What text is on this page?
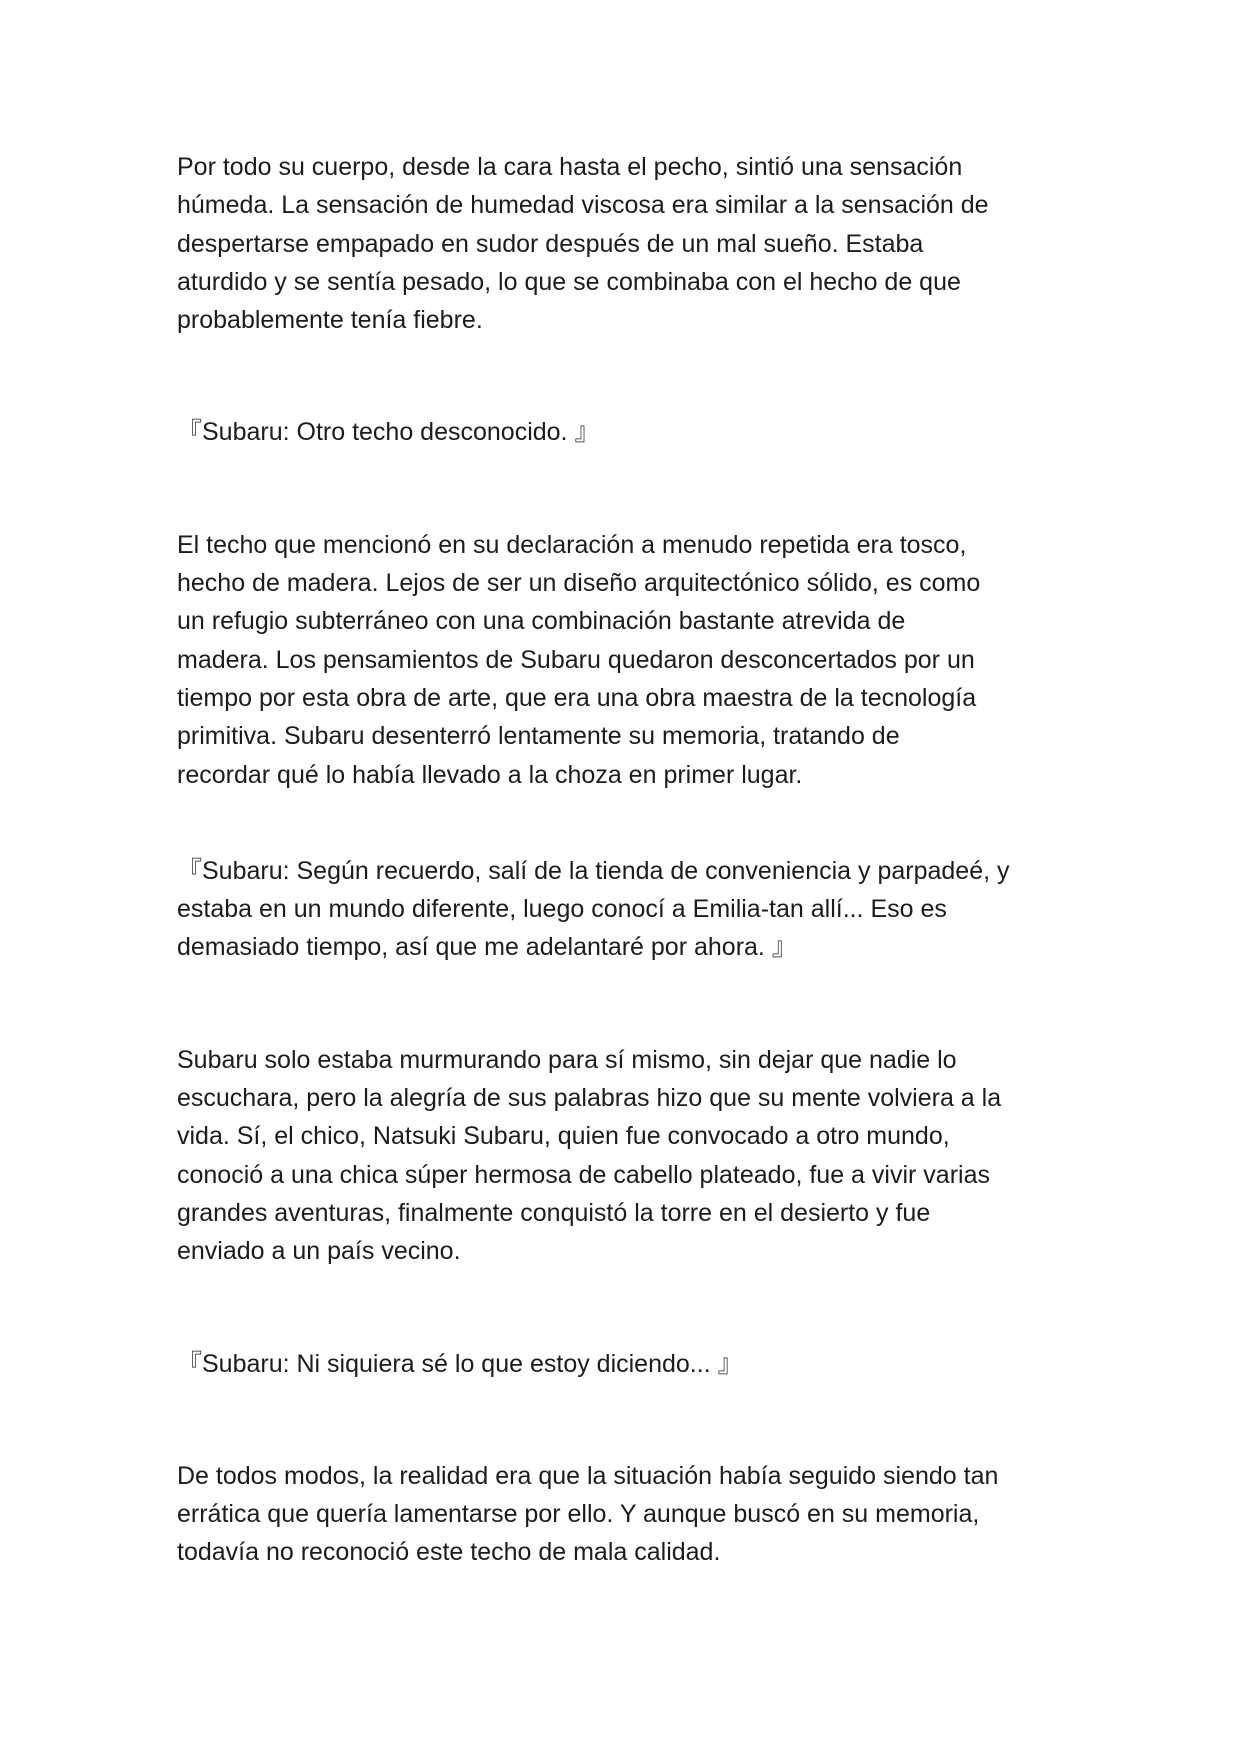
Por todo su cuerpo, desde la cara hasta el pecho, sintió una sensación
húmeda. La sensación de humedad viscosa era similar a la sensación de
despertarse empapado en sudor después de un mal sueño. Estaba
aturdido y se sentía pesado, lo que se combinaba con el hecho de que
probablemente tenía fiebre.

『Subaru: Otro techo desconocido. 』

El techo que mencionó en su declaración a menudo repetida era tosco,
hecho de madera. Lejos de ser un diseño arquitectónico sólido, es como
un refugio subterráneo con una combinación bastante atrevida de
madera. Los pensamientos de Subaru quedaron desconcertados por un
tiempo por esta obra de arte, que era una obra maestra de la tecnología
primitiva. Subaru desenterró lentamente su memoria, tratando de
recordar qué lo había llevado a la choza en primer lugar.

『Subaru: Según recuerdo, salí de la tienda de conveniencia y parpadeé, y
estaba en un mundo diferente, luego conocí a Emilia-tan allí... Eso es
demasiado tiempo, así que me adelantaré por ahora. 』

Subaru solo estaba murmurando para sí mismo, sin dejar que nadie lo
escuchara, pero la alegría de sus palabras hizo que su mente volviera a la
vida. Sí, el chico, Natsuki Subaru, quien fue convocado a otro mundo,
conoció a una chica súper hermosa de cabello plateado, fue a vivir varias
grandes aventuras, finalmente conquistó la torre en el desierto y fue
enviado a un país vecino.

『Subaru: Ni siquiera sé lo que estoy diciendo... 』

De todos modos, la realidad era que la situación había seguido siendo tan
errática que quería lamentarse por ello. Y aunque buscó en su memoria,
todavía no reconoció este techo de mala calidad.
